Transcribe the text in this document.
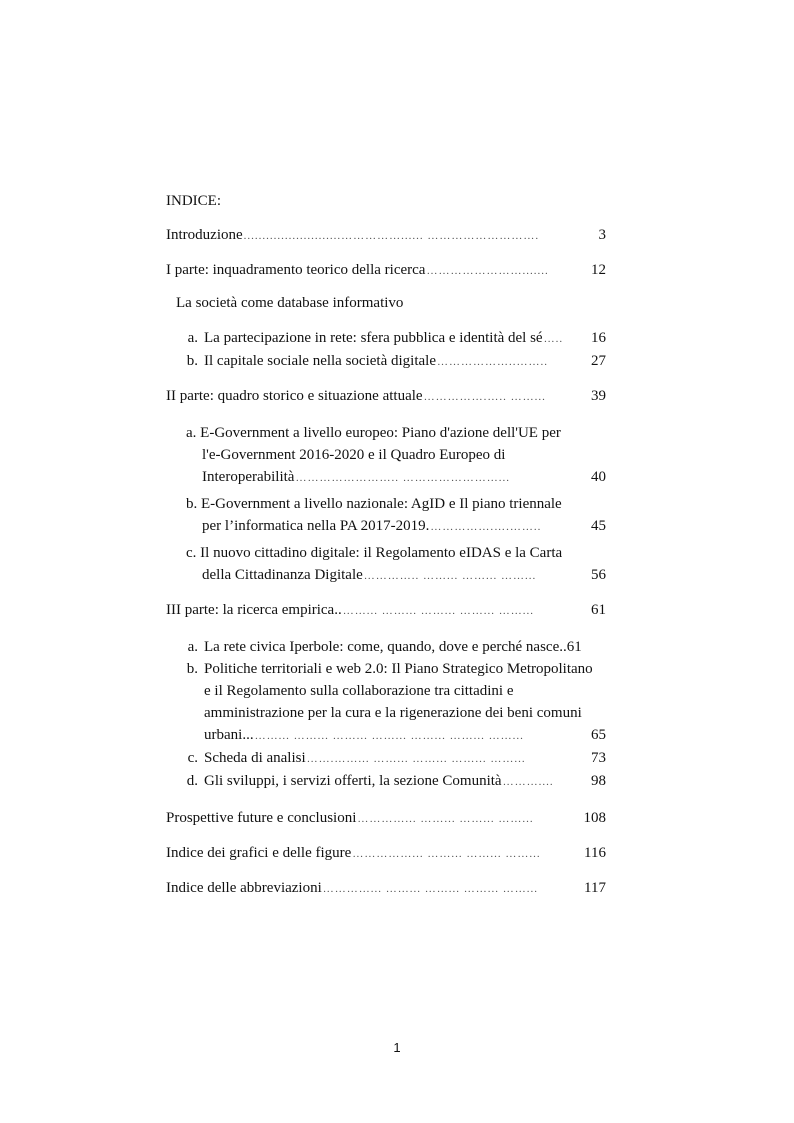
INDICE:
Introduzione ..........................……………...... ……………………….	3
I parte: inquadramento teorico della ricerca …………………….......	12
La società come database informativo
a. La partecipazione in rete: sfera pubblica e identità del sé …..	16
b. Il capitale sociale nella società digitale ………………..……..	27
II parte: quadro storico e situazione attuale …………….….. ……...	39
a. E-Government a livello europeo: Piano d'azione dell'UE per
l'e-Government 2016-2020 e il Quadro Europeo di
Interoperabilità …………………….. ……………………...	40
b. E-Government a livello nazionale: AgID e Il piano triennale
per l’informatica nella PA 2017-2019. …………….….……..	45
c. Il nuovo cittadino digitale: il Regolamento eIDAS e la Carta
della Cittadinanza Digitale ………….. ……... ……... ……...	56
III parte: la ricerca empirica.. ……... ……... ……... ……... ……...	61
a. La rete civica Iperbole: come, quando, dove e perché nasce.. 61
b. Politiche territoriali e web 2.0: Il Piano Strategico Metropolitano
e il Regolamento sulla collaborazione tra cittadini e
amministrazione per la cura e la rigenerazione dei beni comuni
urbani... ……... ……... ……... ……... ……... ……... ……...	65
c. Scheda di analisi …….……... ……... ……... ……... ……...	73
d. Gli sviluppi, i servizi offerti, la sezione Comunità ………....	98
Prospettive future e conclusioni …………... ……... ……... ……...	108
Indice dei grafici e delle figure ……………... ……... ……... ……...	116
Indice delle abbreviazioni …………... ……... ……... ……... ……...	117
1
